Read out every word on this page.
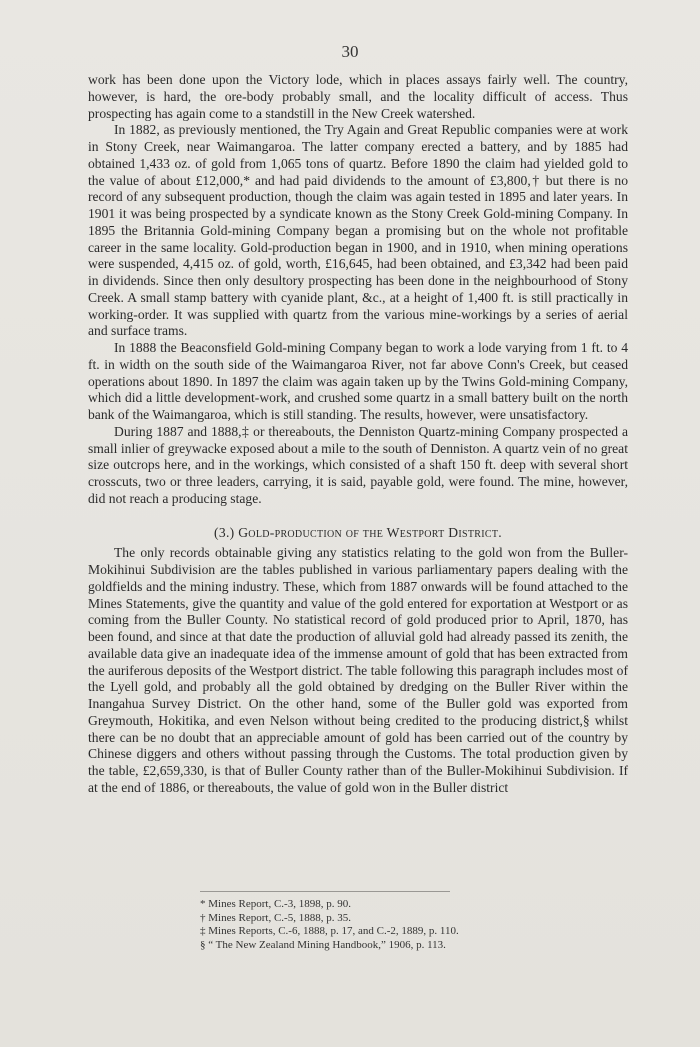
30

work has been done upon the Victory lode, which in places assays fairly well. The country, however, is hard, the ore-body probably small, and the locality difficult of access. Thus prospecting has again come to a standstill in the New Creek watershed.

In 1882, as previously mentioned, the Try Again and Great Republic companies were at work in Stony Creek, near Waimangaroa. The latter company erected a battery, and by 1885 had obtained 1,433 oz. of gold from 1,065 tons of quartz. Before 1890 the claim had yielded gold to the value of about £12,000,* and had paid dividends to the amount of £3,800,† but there is no record of any subsequent production, though the claim was again tested in 1895 and later years. In 1901 it was being prospected by a syndicate known as the Stony Creek Gold-mining Company. In 1895 the Britannia Gold-mining Company began a promising but on the whole not profitable career in the same locality. Gold-production began in 1900, and in 1910, when mining operations were suspended, 4,415 oz. of gold, worth, £16,645, had been obtained, and £3,342 had been paid in dividends. Since then only desultory prospecting has been done in the neighbourhood of Stony Creek. A small stamp battery with cyanide plant, &c., at a height of 1,400 ft. is still practically in working-order. It was supplied with quartz from the various mine-workings by a series of aerial and surface trams.

In 1888 the Beaconsfield Gold-mining Company began to work a lode varying from 1 ft. to 4 ft. in width on the south side of the Waimangaroa River, not far above Conn's Creek, but ceased operations about 1890. In 1897 the claim was again taken up by the Twins Gold-mining Company, which did a little development-work, and crushed some quartz in a small battery built on the north bank of the Waimangaroa, which is still standing. The results, however, were unsatisfactory.

During 1887 and 1888,‡ or thereabouts, the Denniston Quartz-mining Company prospected a small inlier of greywacke exposed about a mile to the south of Denniston. A quartz vein of no great size outcrops here, and in the workings, which consisted of a shaft 150 ft. deep with several short crosscuts, two or three leaders, carrying, it is said, payable gold, were found. The mine, however, did not reach a producing stage.

(3.) Gold-production of the Westport District.

The only records obtainable giving any statistics relating to the gold won from the Buller-Mokihinui Subdivision are the tables published in various parliamentary papers dealing with the goldfields and the mining industry. These, which from 1887 onwards will be found attached to the Mines Statements, give the quantity and value of the gold entered for exportation at Westport or as coming from the Buller County. No statistical record of gold produced prior to April, 1870, has been found, and since at that date the production of alluvial gold had already passed its zenith, the available data give an inadequate idea of the immense amount of gold that has been extracted from the auriferous deposits of the Westport district. The table following this paragraph includes most of the Lyell gold, and probably all the gold obtained by dredging on the Buller River within the Inangahua Survey District. On the other hand, some of the Buller gold was exported from Greymouth, Hokitika, and even Nelson without being credited to the producing district,§ whilst there can be no doubt that an appreciable amount of gold has been carried out of the country by Chinese diggers and others without passing through the Customs. The total production given by the table, £2,659,330, is that of Buller County rather than of the Buller-Mokihinui Subdivision. If at the end of 1886, or thereabouts, the value of gold won in the Buller district

* Mines Report, C.-3, 1898, p. 90.
† Mines Report, C.-5, 1888, p. 35.
‡ Mines Reports, C.-6, 1888, p. 17, and C.-2, 1889, p. 110.
§ “ The New Zealand Mining Handbook,” 1906, p. 113.
